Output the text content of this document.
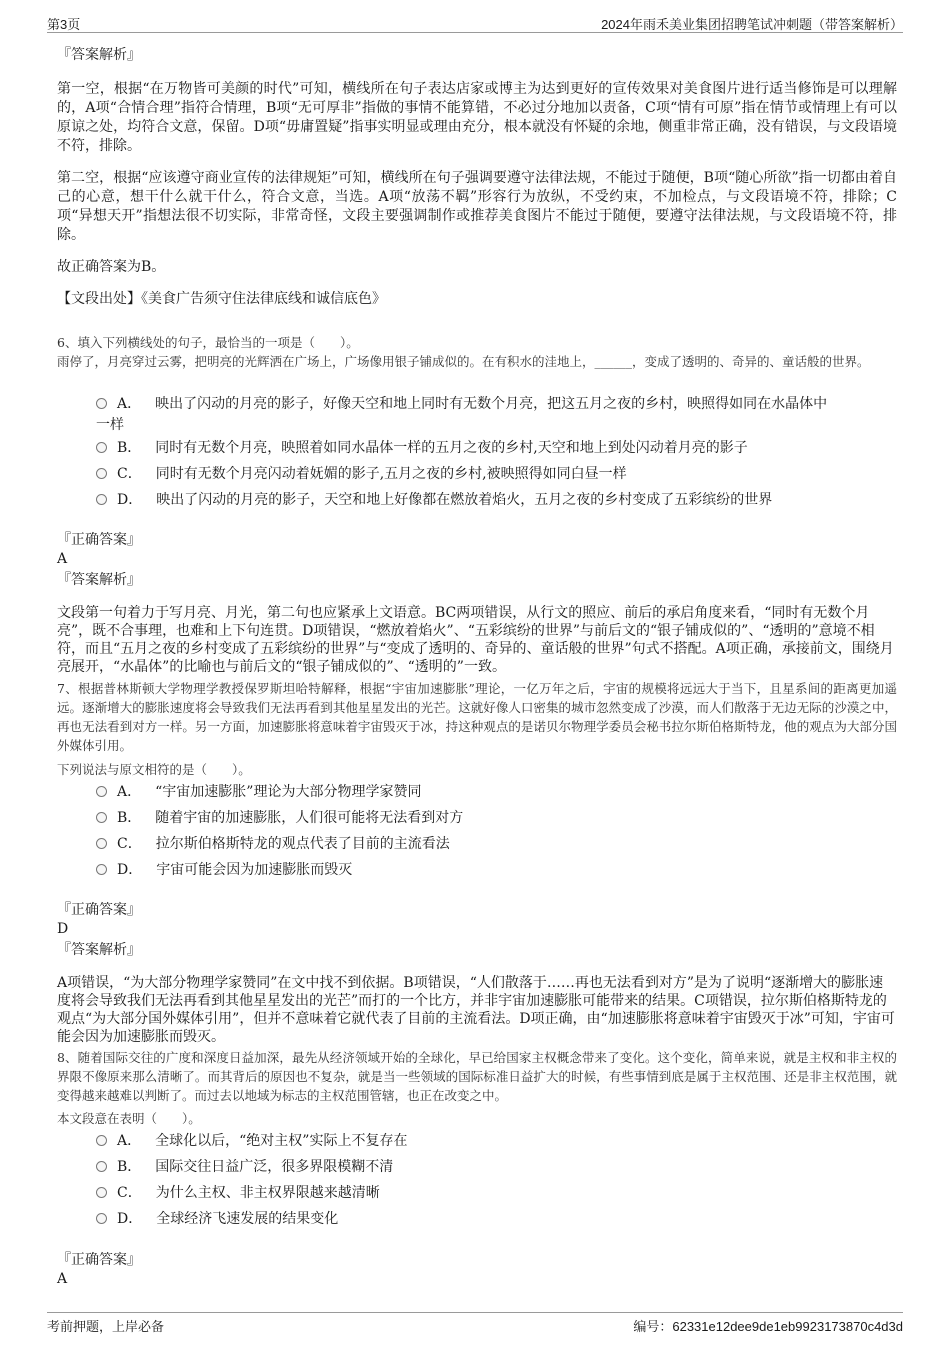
第3页	2024年雨禾美业集团招聘笔试冲刺题（带答案解析）
『答案解析』

第一空，根据“在万物皆可美颜的时代”可知，横线所在句子表达店家或博主为达到更好的宣传效果对美食图片进行适当修饰是可以理解的，A项“合情合理”指符合情理，B项“无可厚非”指做的事情不能算错，不必过分地加以责备，C项“情有可原”指在情节或情理上有可以原谅之处，均符合文意，保留。D项“毋庸置疑”指事实明显或理由充分，根本就没有怀疑的余地，侧重非常正确，没有错误，与文段语境不符，排除。

第二空，根据“应该遵守商业宣传的法律规矩”可知，横线所在句子强调要遵守法律法规，不能过于随便，B项“随心所欲”指一切都由着自己的心意，想干什么就干什么，符合文意，当选。A项“放荡不羁”形容行为放纵，不受约束，不加检点，与文段语境不符，排除；C项“异想天开”指想法很不切实际，非常奇怪，文段主要强调制作或推荐美食图片不能过于随便，要遵守法律法规，与文段语境不符，排除。

故正确答案为B。
【文段出处】《美食广告须守住法律底线和诚信底色》

6、填入下列横线处的句子，最恰当的一项是（　　）。

雨停了，月亮穿过云雾，把明亮的光辉洒在广场上，广场像用银子铺成似的。在有积水的洼地上，______，变成了透明的、奇异的、童话般的世界。

A． 映出了闪动的月亮的影子，好像天空和地上同时有无数个月亮，把这五月之夜的乡村，映照得如同在水晶体中
一样
B． 同时有无数个月亮，映照着如同水晶体一样的五月之夜的乡村,天空和地上到处闪动着月亮的影子
C． 同时有无数个月亮闪动着妩媚的影子,五月之夜的乡村,被映照得如同白昼一样
D． 映出了闪动的月亮的影子，天空和地上好像都在燃放着焰火，五月之夜的乡村变成了五彩缤纷的世界
『正确答案』
A
『答案解析』

文段第一句着力于写月亮、月光，第二句也应紧承上文语意。BC两项错误，从行文的照应、前后的承启角度来看，“同时有无数个月亮”，既不合事理，也难和上下句连贯。D项错误，“燃放着焰火”、“五彩缤纷的世界”与前后文的“银子铺成似的”、“透明的”意境不相符，而且“五月之夜的乡村变成了五彩缤纷的世界”与“变成了透明的、奇异的、童话般的世界”句式不搭配。A项正确，承接前文，围绕月亮展开，“水晶体”的比喻也与前后文的“银子铺成似的”、“透明的”一致。

7、根据普林斯顿大学物理学教授保罗斯坦哈特解释，根据“宇宙加速膨胀”理论，一亿万年之后，宇宙的规模将远远大于当下，且星系间的距离更加遥远。逐渐增大的膨胀速度将会导致我们无法再看到其他星星发出的光芒。这就好像人口密集的城市忽然变成了沙漠，而人们散落于无边无际的沙漠之中，再也无法看到对方一样。另一方面，加速膨胀将意味着宇宙毁灭于冰，持这种观点的是诺贝尔物理学委员会秘书拉尔斯伯格斯特龙，他的观点为大部分国外媒体引用。

下列说法与原文相符的是（　　）。

A． “宇宙加速膨胀”理论为大部分物理学家赞同
B． 随着宇宙的加速膨胀，人们很可能将无法看到对方
C． 拉尔斯伯格斯特龙的观点代表了目前的主流看法
D． 宇宙可能会因为加速膨胀而毁灭
『正确答案』
D
『答案解析』

A项错误，“为大部分物理学家赞同”在文中找不到依据。B项错误，“人们散落于……再也无法看到对方”是为了说明“逐渐增大的膨胀速度将会导致我们无法再看到其他星星发出的光芒”而打的一个比方，并非宇宙加速膨胀可能带来的结果。C项错误，拉尔斯伯格斯特龙的观点“为大部分国外媒体引用”，但并不意味着它就代表了目前的主流看法。D项正确，由“加速膨胀将意味着宇宙毁灭于冰”可知，宇宙可能会因为加速膨胀而毁灭。

8、随着国际交往的广度和深度日益加深，最先从经济领域开始的全球化，早已给国家主权概念带来了变化。这个变化，简单来说，就是主权和非主权的界限不像原来那么清晰了。而其背后的原因也不复杂，就是当一些领域的国际标准日益扩大的时候，有些事情到底是属于主权范围、还是非主权范围，就变得越来越难以判断了。而过去以地域为标志的主权范围管辖，也正在改变之中。

本文段意在表明（　　）。

A． 全球化以后，“绝对主权”实际上不复存在
B． 国际交往日益广泛，很多界限模糊不清
C． 为什么主权、非主权界限越来越清晰
D． 全球经济飞速发展的结果变化
『正确答案』
A
考前押题，上岸必备	编号：62331e12dee9de1eb9923173870c4d3d
